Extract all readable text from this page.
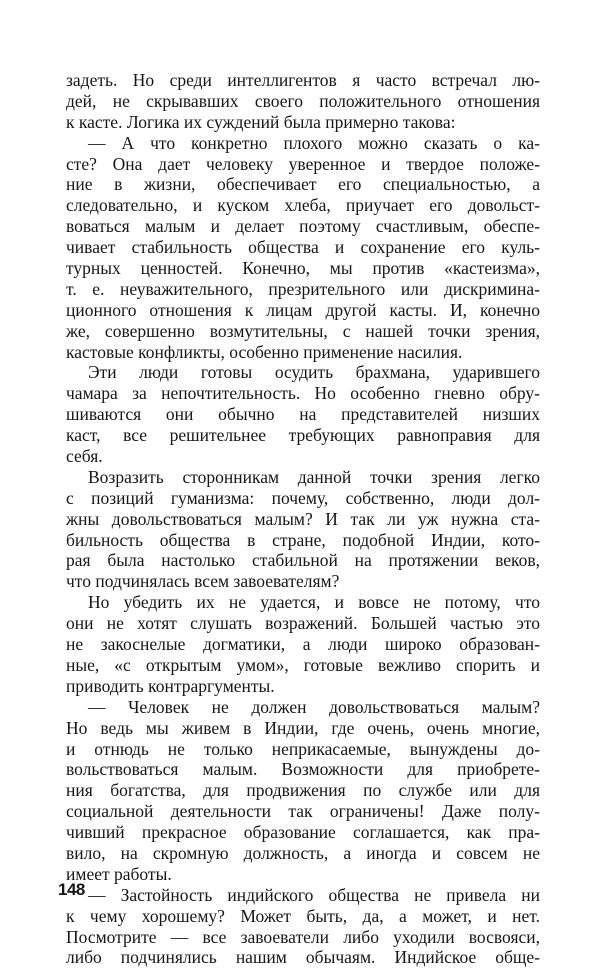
задеть. Но среди интеллигентов я часто встречал лю-
дей, не скрывавших своего положительного отношения
к касте. Логика их суждений была примерно такова:
— А что конкретно плохого можно сказать о ка-
сте? Она дает человеку уверенное и твердое положе-
ние в жизни, обеспечивает его специальностью, а
следовательно, и куском хлеба, приучает его довольст-
воваться малым и делает поэтому счастливым, обеспе-
чивает стабильность общества и сохранение его куль-
турных ценностей. Конечно, мы против «кастеизма»,
т. е. неуважительного, презрительного или дискримина-
ционного отношения к лицам другой касты. И, конечно
же, совершенно возмутительны, с нашей точки зрения,
кастовые конфликты, особенно применение насилия.
Эти люди готовы осудить брахмана, ударившего
чамара за непочтительность. Но особенно гневно обру-
шиваются они обычно на представителей низших
каст, все решительнее требующих равноправия для
себя.
Возразить сторонникам данной точки зрения легко
с позиций гуманизма: почему, собственно, люди дол-
жны довольствоваться малым? И так ли уж нужна ста-
бильность общества в стране, подобной Индии, кото-
рая была настолько стабильной на протяжении веков,
что подчинялась всем завоевателям?
Но убедить их не удается, и вовсе не потому, что
они не хотят слушать возражений. Большей частью это
не закоснелые догматики, а люди широко образован-
ные, «с открытым умом», готовые вежливо спорить и
приводить контраргументы.
— Человек не должен довольствоваться малым?
Но ведь мы живем в Индии, где очень, очень многие,
и отнюдь не только неприкасаемые, вынуждены до-
вольствоваться малым. Возможности для приобрете-
ния богатства, для продвижения по службе или для
социальной деятельности так ограничены! Даже полу-
чивший прекрасное образование соглашается, как пра-
вило, на скромную должность, а иногда и совсем не
имеет работы.
— Застойность индийского общества не привела ни
к чему хорошему? Может быть, да, а может, и нет.
Посмотрите — все завоеватели либо уходили восвояси,
либо подчинялись нашим обычаям. Индийское обще-
148
